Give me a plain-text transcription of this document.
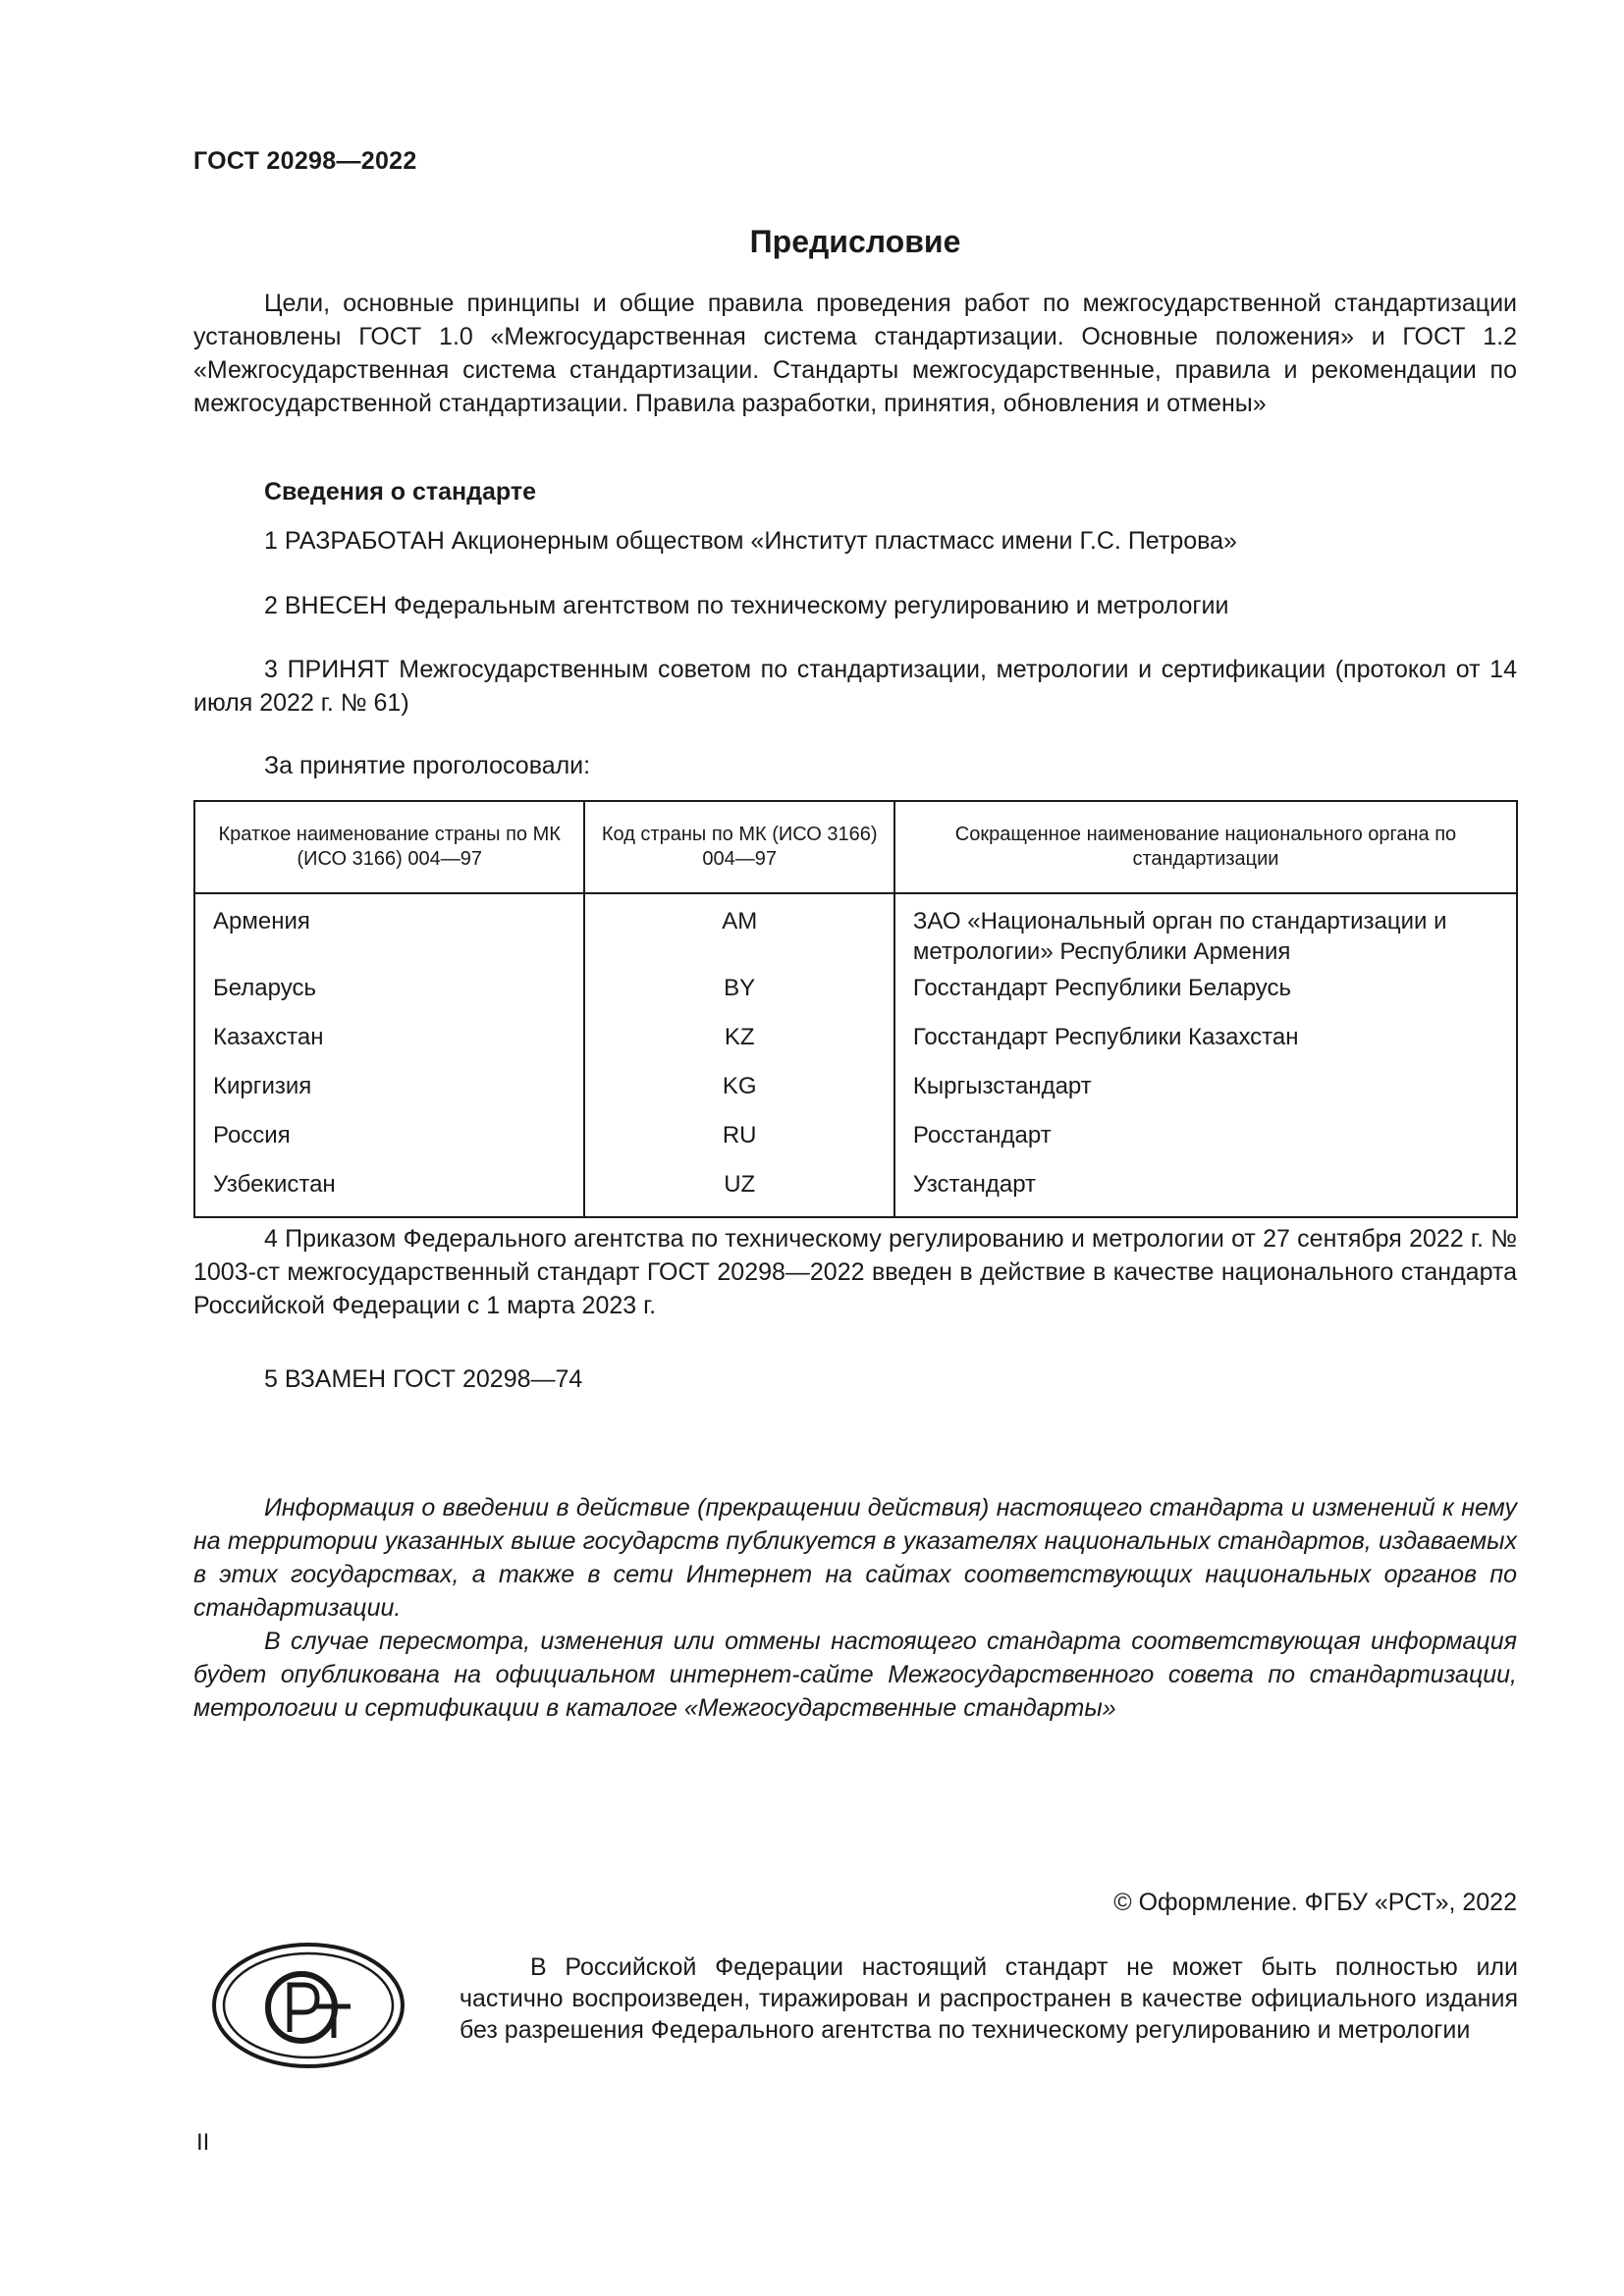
ГОСТ 20298—2022
Предисловие

Цели, основные принципы и общие правила проведения работ по межгосударственной стандартизации установлены ГОСТ 1.0 «Межгосударственная система стандартизации. Основные положения» и ГОСТ 1.2 «Межгосударственная система стандартизации. Стандарты межгосударственные, правила и рекомендации по межгосударственной стандартизации. Правила разработки, принятия, обновления и отмены»

Сведения о стандарте
1 РАЗРАБОТАН Акционерным обществом «Институт пластмасс имени Г.С. Петрова»
2 ВНЕСЕН Федеральным агентством по техническому регулированию и метрологии

3 ПРИНЯТ Межгосударственным советом по стандартизации, метрологии и сертификации (протокол от 14 июля 2022 г. № 61)

За принятие проголосовали:
Краткое наименование страны по МК (ИСО 3166) 004—97	Код страны по МК (ИСО 3166) 004—97	Сокращенное наименование национального органа по стандартизации
Армения	AM	ЗАО «Национальный орган по стандартизации и метрологии» Республики Армения
Беларусь	BY	Госстандарт Республики Беларусь
Казахстан	KZ	Госстандарт Республики Казахстан
Киргизия	KG	Кыргызстандарт
Россия	RU	Росстандарт
Узбекистан	UZ	Узстандарт

4 Приказом Федерального агентства по техническому регулированию и метрологии от 27 сентября 2022 г. № 1003-ст межгосударственный стандарт ГОСТ 20298—2022 введен в действие в качестве национального стандарта Российской Федерации с 1 марта 2023 г.

5 ВЗАМЕН ГОСТ 20298—74

Информация о введении в действие (прекращении действия) настоящего стандарта и изменений к нему на территории указанных выше государств публикуется в указателях национальных стандартов, издаваемых в этих государствах, а также в сети Интернет на сайтах соответствующих национальных органов по стандартизации.

В случае пересмотра, изменения или отмены настоящего стандарта соответствующая информация будет опубликована на официальном интернет-сайте Межгосударственного совета по стандартизации, метрологии и сертификации в каталоге «Межгосударственные стандарты»

© Оформление. ФГБУ «РСТ», 2022

В Российской Федерации настоящий стандарт не может быть полностью или частично воспроизведен, тиражирован и распространен в качестве официального издания без разрешения Федерального агентства по техническому регулированию и метрологии

II
